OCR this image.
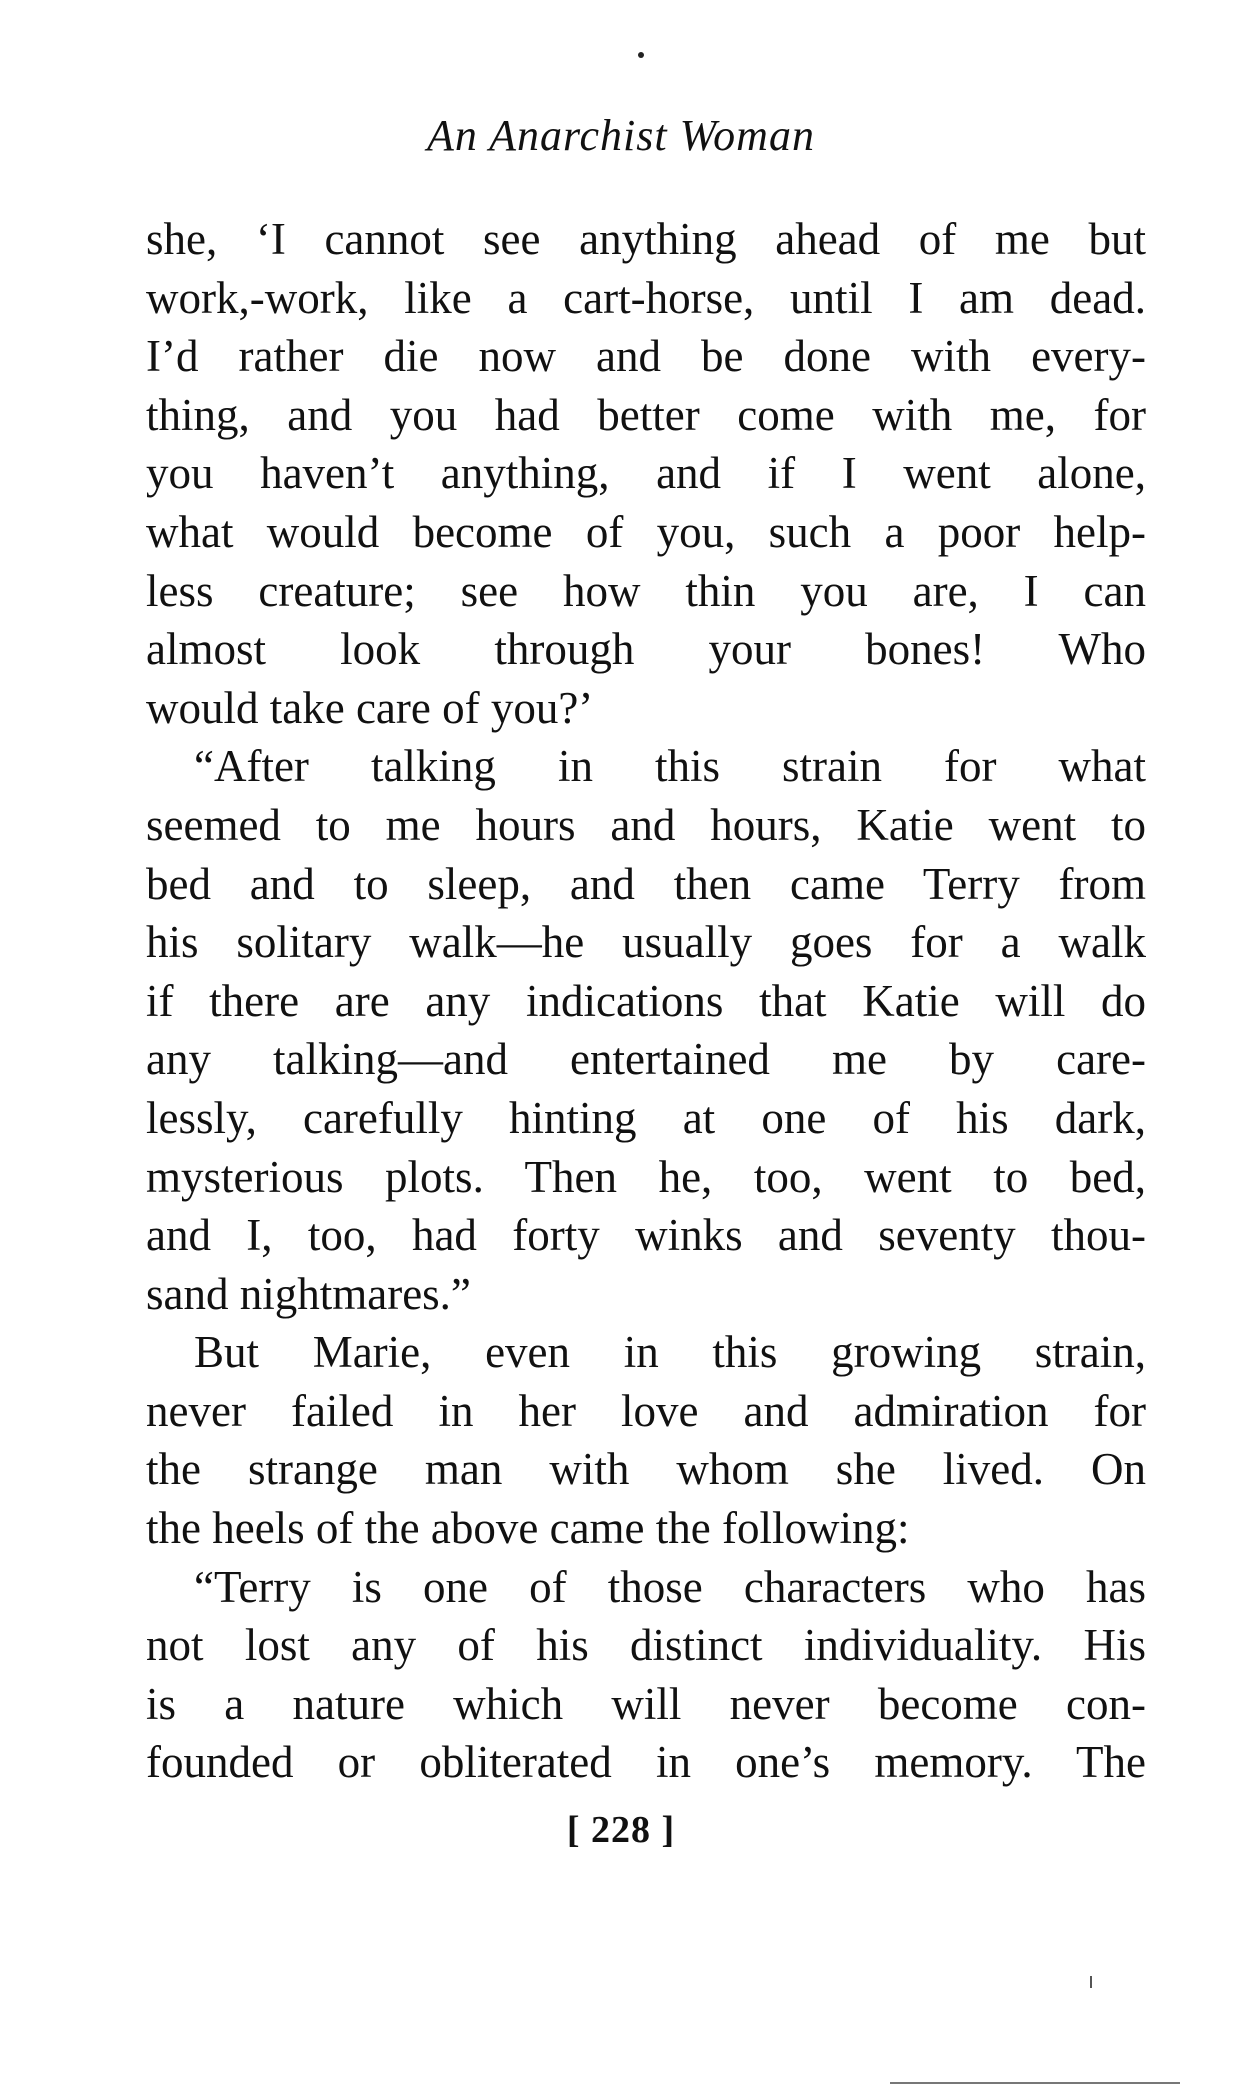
An Anarchist Woman
she, ‘I cannot see anything ahead of me but
work,-work, like a cart-horse, until I am dead.
I’d rather die now and be done with every-
thing, and you had better come with me, for
you haven’t anything, and if I went alone,
what would become of you, such a poor help-
less creature; see how thin you are, I can
almost look through your bones! Who
would take care of you?’
“After talking in this strain for what
seemed to me hours and hours, Katie went to
bed and to sleep, and then came Terry from
his solitary walk—he usually goes for a walk
if there are any indications that Katie will do
any talking—and entertained me by care-
lessly, carefully hinting at one of his dark,
mysterious plots. Then he, too, went to bed,
and I, too, had forty winks and seventy thou-
sand nightmares.”
But Marie, even in this growing strain,
never failed in her love and admiration for
the strange man with whom she lived. On
the heels of the above came the following:
“Terry is one of those characters who has
not lost any of his distinct individuality. His
is a nature which will never become con-
founded or obliterated in one’s memory. The
[ 228 ]
